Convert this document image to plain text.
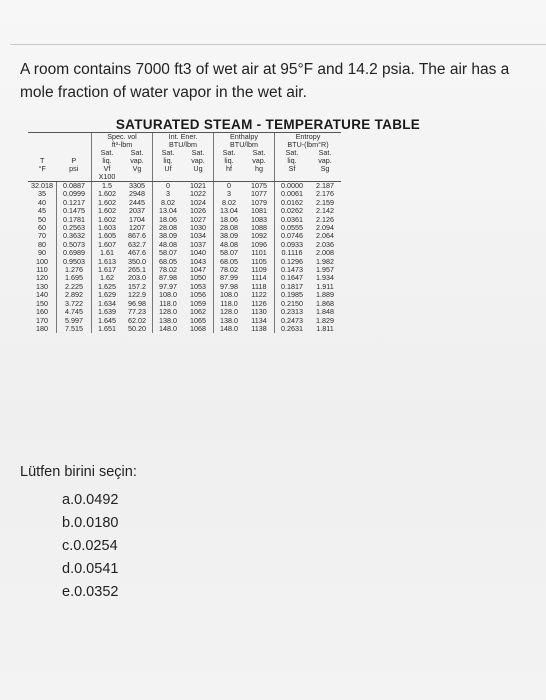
A room contains 7000 ft3 of wet air at 95°F and 14.2 psia. The air has a
mole fraction of water vapor in the wet air.
SATURATED STEAM - TEMPERATURE TABLE
		Spec. vol		Int. Ener.		Enthalpy		Entropy	
		ft³-lbm		BTU/lbm		BTU/lbm		BTU-(lbm°R)	
		Sat.	Sat.	Sat.	Sat.	Sat.	Sat.	Sat.	Sat.
T	P	liq.	vap.	liq.	vap.	liq.	vap.	liq.	vap.
°F	psi	Vf	Vg	Uf	Ug	hf	hg	Sf	Sg
		X100							
32.018	0.0887	1.5	3305	0	1021	0	1075	0.0000	2.187
35	0.0999	1.602	2948	3	1022	3	1077	0.0061	2.176
40	0.1217	1.602	2445	8.02	1024	8.02	1079	0.0162	2.159
45	0.1475	1.602	2037	13.04	1026	13.04	1081	0.0262	2.142
50	0.1781	1.602	1704	18.06	1027	18.06	1083	0.0361	2.126
60	0.2563	1.603	1207	28.08	1030	28.08	1088	0.0555	2.094
70	0.3632	1.605	867.6	38.09	1034	38.09	1092	0.0746	2.064
80	0.5073	1.607	632.7	48.08	1037	48.08	1096	0.0933	2.036
90	0.6989	1.61	467.6	58.07	1040	58.07	1101	0.1116	2.008
100	0.9503	1.613	350.0	68.05	1043	68.05	1105	0.1296	1.982
110	1.276	1.617	265.1	78.02	1047	78.02	1109	0.1473	1.957
120	1.695	1.62	203.0	87.98	1050	87.99	1114	0.1647	1.934
130	2.225	1.625	157.2	97.97	1053	97.98	1118	0.1817	1.911
140	2.892	1.629	122.9	108.0	1056	108.0	1122	0.1985	1.889
150	3.722	1.634	96.98	118.0	1059	118.0	1126	0.2150	1.868
160	4.745	1.639	77.23	128.0	1062	128.0	1130	0.2313	1.848
170	5.997	1.645	62.02	138.0	1065	138.0	1134	0.2473	1.829
180	7.515	1.651	50.20	148.0	1068	148.0	1138	0.2631	1.811
Lütfen birini seçin:
a.0.0492
b.0.0180
c.0.0254
d.0.0541
e.0.0352
